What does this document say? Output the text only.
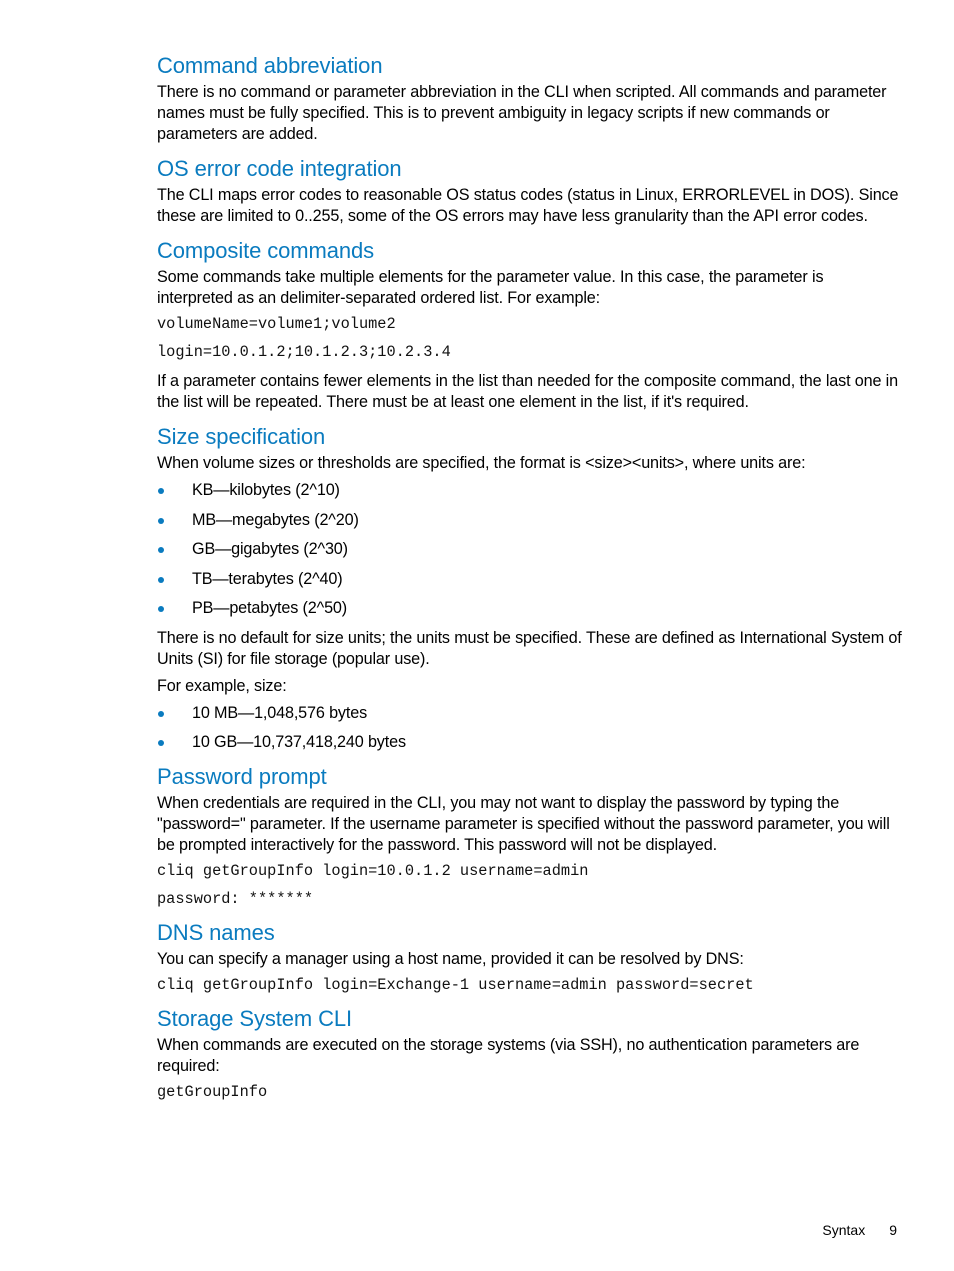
Command abbreviation

There is no command or parameter abbreviation in the CLI when scripted. All commands and parameter names must be fully specified. This is to prevent ambiguity in legacy scripts if new commands or parameters are added.

OS error code integration

The CLI maps error codes to reasonable OS status codes (status in Linux, ERRORLEVEL in DOS). Since these are limited to 0..255, some of the OS errors may have less granularity than the API error codes.

Composite commands

Some commands take multiple elements for the parameter value. In this case, the parameter is interpreted as an delimiter-separated ordered list. For example:

volumeName=volume1;volume2
login=10.0.1.2;10.1.2.3;10.2.3.4

If a parameter contains fewer elements in the list than needed for the composite command, the last one in the list will be repeated. There must be at least one element in the list, if it's required.

Size specification

When volume sizes or thresholds are specified, the format is <size><units>, where units are:

KB—kilobytes (2^10)
MB—megabytes (2^20)
GB—gigabytes (2^30)
TB—terabytes (2^40)
PB—petabytes (2^50)

There is no default for size units; the units must be specified. These are defined as International System of Units (SI) for file storage (popular use).

For example, size:

10 MB—1,048,576 bytes
10 GB—10,737,418,240 bytes
Password prompt

When credentials are required in the CLI, you may not want to display the password by typing the "password=" parameter. If the username parameter is specified without the password parameter, you will be prompted interactively for the password. This password will not be displayed.

cliq getGroupInfo login=10.0.1.2 username=admin
password: *******
DNS names

You can specify a manager using a host name, provided it can be resolved by DNS:

cliq getGroupInfo login=Exchange-1 username=admin password=secret
Storage System CLI

When commands are executed on the storage systems (via SSH), no authentication parameters are required:

getGroupInfo
Syntax 9
